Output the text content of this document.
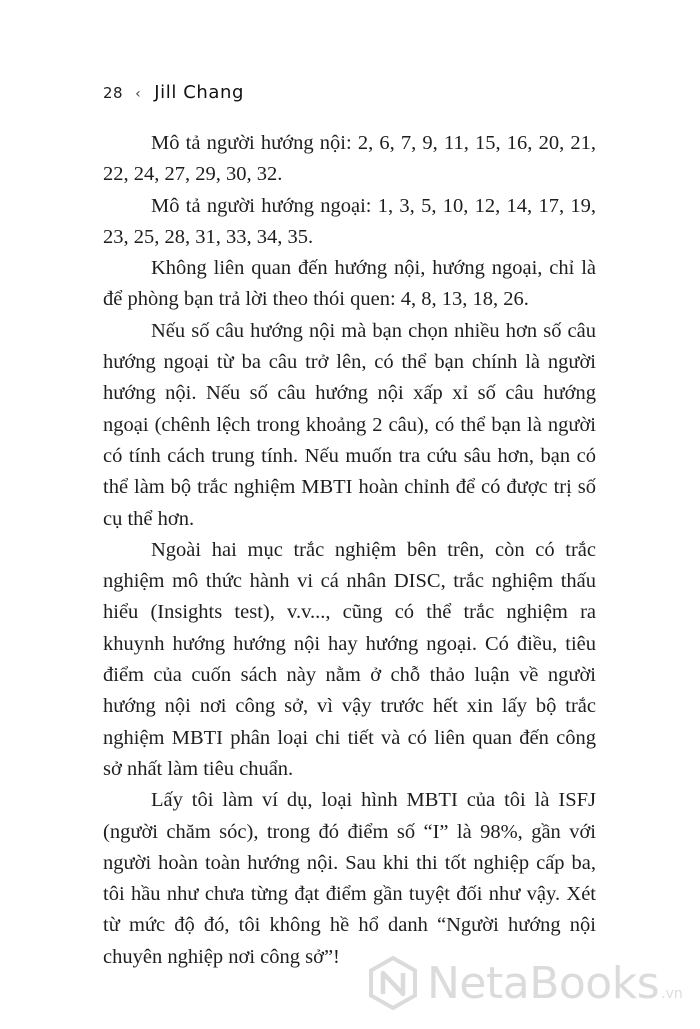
28 ‹ Jill Chang

Mô tả người hướng nội: 2, 6, 7, 9, 11, 15, 16, 20, 21, 22, 24, 27, 29, 30, 32.

Mô tả người hướng ngoại: 1, 3, 5, 10, 12, 14, 17, 19, 23, 25, 28, 31, 33, 34, 35.

Không liên quan đến hướng nội, hướng ngoại, chỉ là để phòng bạn trả lời theo thói quen: 4, 8, 13, 18, 26.

Nếu số câu hướng nội mà bạn chọn nhiều hơn số câu hướng ngoại từ ba câu trở lên, có thể bạn chính là người hướng nội. Nếu số câu hướng nội xấp xỉ số câu hướng ngoại (chênh lệch trong khoảng 2 câu), có thể bạn là người có tính cách trung tính. Nếu muốn tra cứu sâu hơn, bạn có thể làm bộ trắc nghiệm MBTI hoàn chỉnh để có được trị số cụ thể hơn.

Ngoài hai mục trắc nghiệm bên trên, còn có trắc nghiệm mô thức hành vi cá nhân DISC, trắc nghiệm thấu hiểu (Insights test), v.v..., cũng có thể trắc nghiệm ra khuynh hướng hướng nội hay hướng ngoại. Có điều, tiêu điểm của cuốn sách này nằm ở chỗ thảo luận về người hướng nội nơi công sở, vì vậy trước hết xin lấy bộ trắc nghiệm MBTI phân loại chi tiết và có liên quan đến công sở nhất làm tiêu chuẩn.

Lấy tôi làm ví dụ, loại hình MBTI của tôi là ISFJ (người chăm sóc), trong đó điểm số “I” là 98%, gần với người hoàn toàn hướng nội. Sau khi thi tốt nghiệp cấp ba, tôi hầu như chưa từng đạt điểm gần tuyệt đối như vậy. Xét từ mức độ đó, tôi không hề hổ danh “Người hướng nội chuyên nghiệp nơi công sở”!

NetaBooks .vn
